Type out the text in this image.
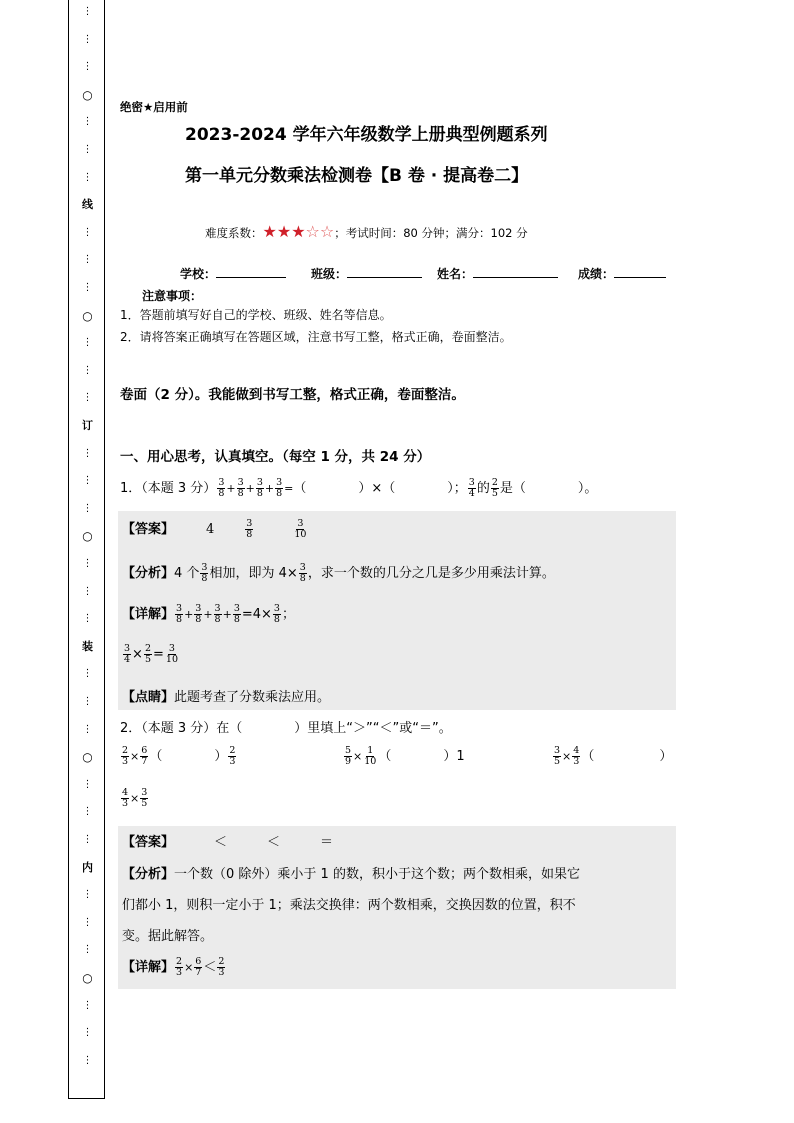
⋮
⋮
⋮
○
⋮
⋮
⋮
线
⋮
⋮
⋮
○
⋮
⋮
⋮
订
⋮
⋮
⋮
○
⋮
⋮
⋮
装
⋮
⋮
⋮
○
⋮
⋮
⋮
内
⋮
⋮
⋮
○
⋮
⋮
⋮
绝密★启用前
2023-2024 学年六年级数学上册典型例题系列
第一单元分数乘法检测卷【B 卷 · 提高卷二】
难度系数：★★★☆☆；考试时间：80 分钟；满分：102 分
学校：	班级：	姓名：	成绩：
注意事项：
1．答题前填写好自己的学校、班级、姓名等信息。
2．请将答案正确填写在答题区域，注意书写工整，格式正确，卷面整洁。
卷面（2 分）。我能做到书写工整，格式正确，卷面整洁。
一、用心思考，认真填空。（每空 1 分，共 24 分）
1．（本题 3 分） $\frac{3}{8} + \frac{3}{8} + \frac{3}{8} + \frac{3}{8}$ =（　　　　）×（　　　　）； $\frac{3}{4}$ 的 $\frac{2}{5}$ 是（　　　　）。
【答案】 4	$\frac{3}{8}$	$\frac{3}{10}$
【分析】4 个 $\frac{3}{8}$ 相加，即为 $4\times \frac{3}{8}$ ，求一个数的几分之几是多少用乘法计算。
【详解】 $\frac{3}{8} + \frac{3}{8} + \frac{3}{8} + \frac{3}{8} =4\times \frac{3}{8}$ ；
$\frac{3}{4} \times \frac{2}{5} = \frac{3}{10}$
【点睛】此题考查了分数乘法应用。
2．（本题 3 分）在（　　　　）里填上“＞”“＜”或“＝”。
$\frac{2}{3} \times \frac{6}{7}$ （　　　　） $\frac{2}{3}$	$\frac{5}{9} \times \frac{1}{10}$ （　　　　）1	$\frac{3}{5} \times \frac{4}{3}$ （　　　　　）
$\frac{4}{3} \times \frac{3}{5}$
【答案】	＜	＜	＝
【分析】一个数（0 除外）乘小于 1 的数，积小于这个数；两个数相乘，如果它
们都小 1，则积一定小于 1；乘法交换律：两个数相乘，交换因数的位置，积不
变。据此解答。
【详解】 $\frac{2}{3} \times \frac{6}{7} < \frac{2}{3}$
